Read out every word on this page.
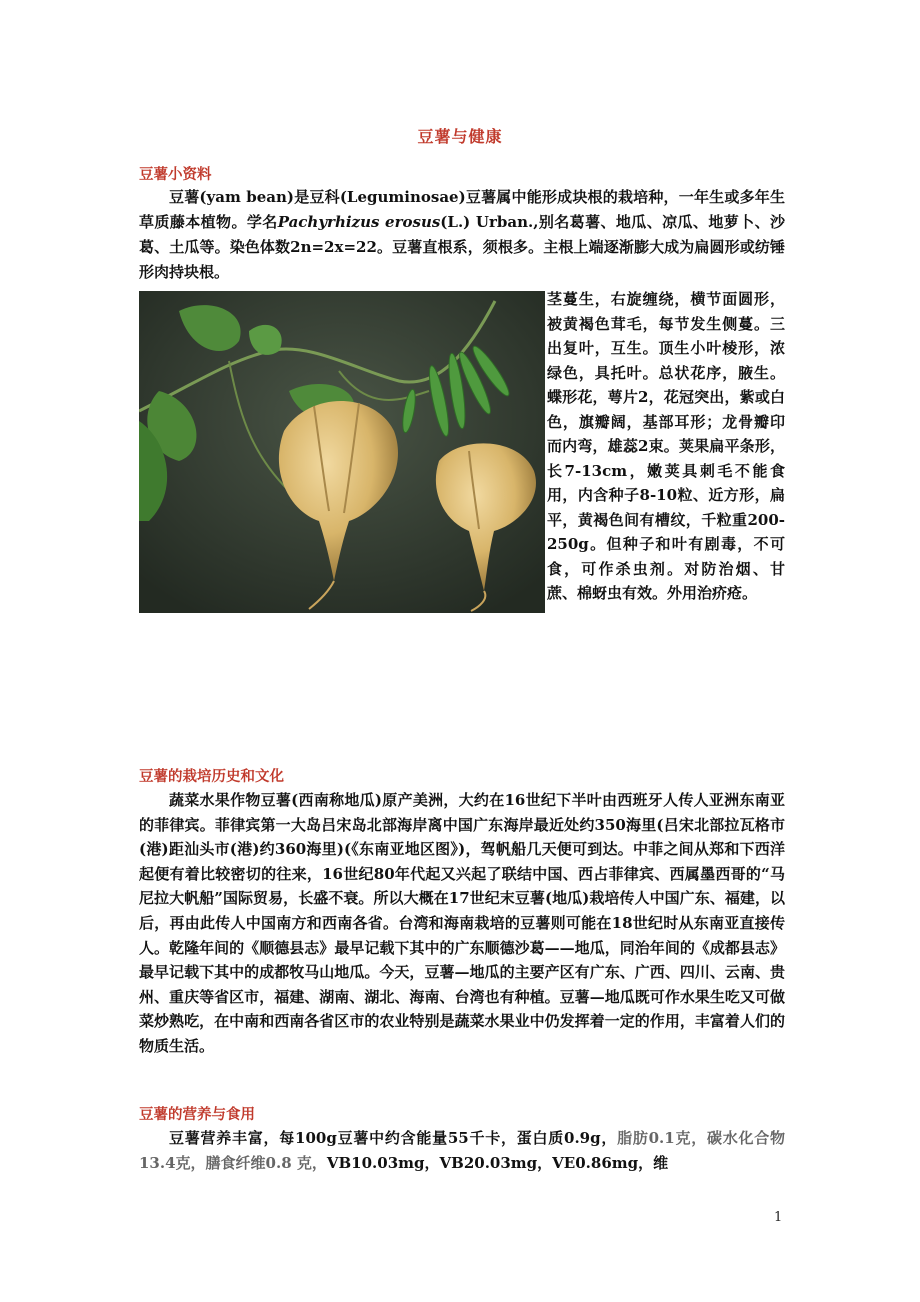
豆薯与健康
豆薯小资料
豆薯(yam bean)是豆科(Leguminosae)豆薯属中能形成块根的栽培种，一年生或多年生草质藤本植物。学名Pachyrhizus erosus(L.) Urban.,别名葛薯、地瓜、凉瓜、地萝卜、沙葛、土瓜等。染色体数2n=2x=22。豆薯直根系，须根多。主根上端逐渐膨大成为扁圆形或纺锤形肉持块根。
茎蔓生，右旋缠绕，横节面圆形，被黄褐色茸毛，每节发生侧蔓。三出复叶，互生。顶生小叶棱形，浓绿色，具托叶。总状花序，腋生。蝶形花，萼片2，花冠突出，紫或白色，旗瓣阔，基部耳形；龙骨瓣印而内弯，雄蕊2束。荚果扁平条形，长7-13cm，嫩荚具刺毛不能食用，内含种子8-10粒、近方形，扁平，黄褐色间有槽纹，千粒重200-250g。但种子和叶有剧毒，不可食，可作杀虫剂。对防治烟、甘蔗、棉蚜虫有效。外用治疥疮。
豆薯的栽培历史和文化
蔬菜水果作物豆薯(西南称地瓜)原产美洲，大约在16世纪下半叶由西班牙人传人亚洲东南亚的菲律宾。菲律宾第一大岛吕宋岛北部海岸离中国广东海岸最近处约350海里(吕宋北部拉瓦格市(港)距汕头市(港)约360海里)(《东南亚地区图》)，驾帆船几天便可到达。中菲之间从郑和下西洋起便有着比较密切的往来，16世纪80年代起又兴起了联结中国、西占菲律宾、西属墨西哥的“马尼拉大帆船”国际贸易，长盛不衰。所以大概在17世纪末豆薯(地瓜)栽培传人中国广东、福建，以后，再由此传人中国南方和西南各省。台湾和海南栽培的豆薯则可能在18世纪时从东南亚直接传人。乾隆年间的《顺德县志》最早记载下其中的广东顺德沙葛——地瓜，同治年间的《成都县志》最早记载下其中的成都牧马山地瓜。今天，豆薯—地瓜的主要产区有广东、广西、四川、云南、贵州、重庆等省区市，福建、湖南、湖北、海南、台湾也有种植。豆薯—地瓜既可作水果生吃又可做菜炒熟吃，在中南和西南各省区市的农业特别是蔬菜水果业中仍发挥着一定的作用，丰富着人们的物质生活。
豆薯的营养与食用
豆薯营养丰富，每100g豆薯中约含能量55千卡，蛋白质0.9g，脂肪0.1克，碳水化合物13.4克，膳食纤维0.8 克，VB10.03mg，VB20.03mg，VE0.86mg，维
1
